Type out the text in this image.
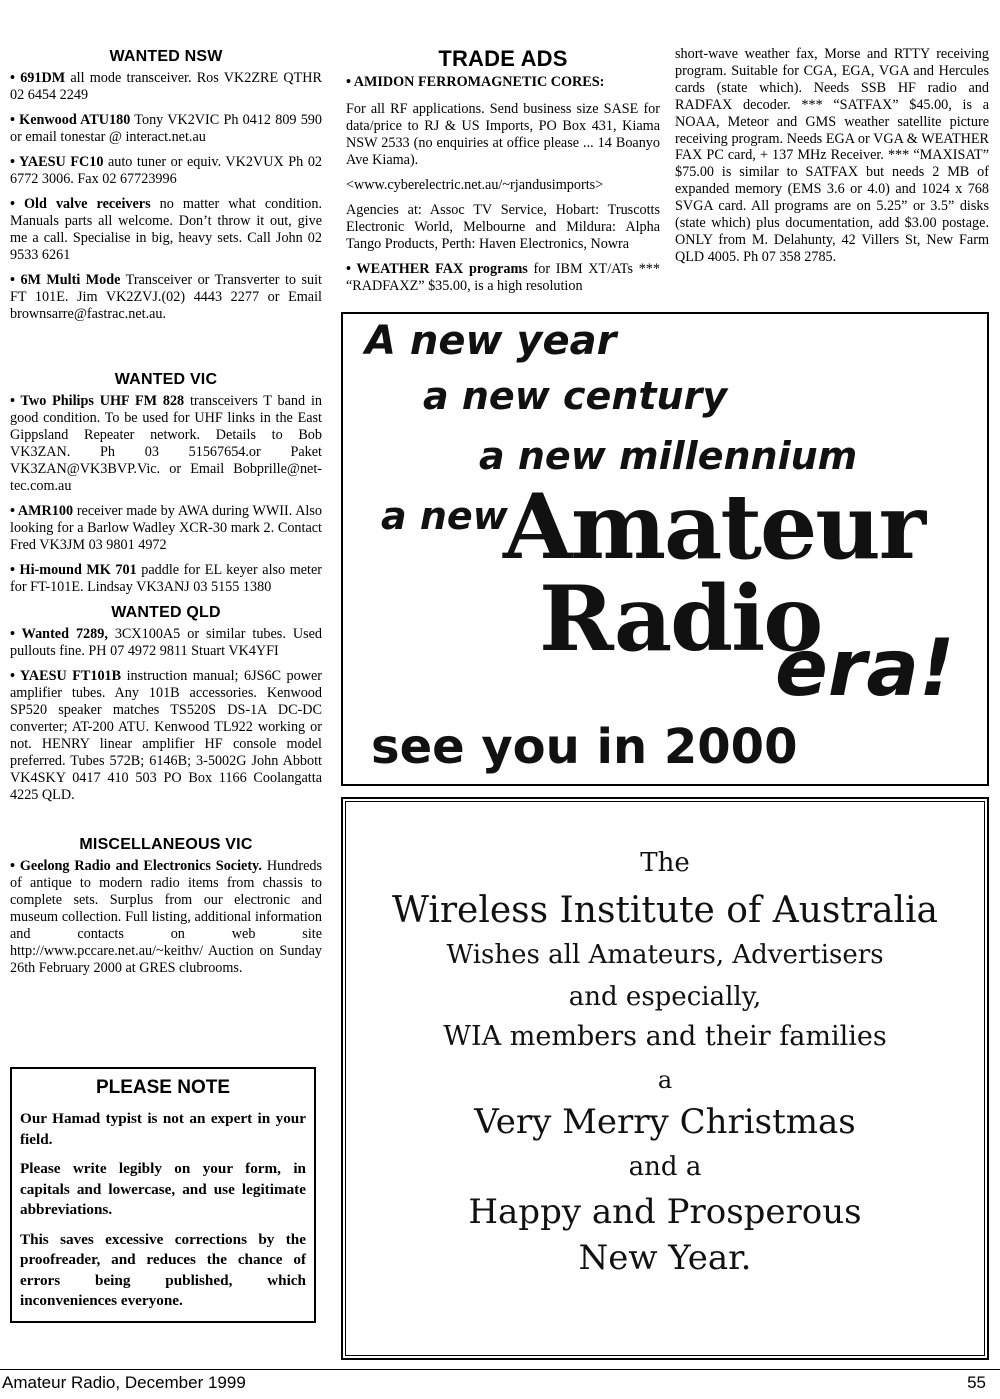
WANTED NSW

• 691DM all mode transceiver. Ros VK2ZRE QTHR 02 6454 2249

• Kenwood ATU180 Tony VK2VIC Ph 0412 809 590 or email tonestar @ interact.net.au

• YAESU FC10 auto tuner or equiv. VK2VUX Ph 02 6772 3006. Fax 02 67723996

• Old valve receivers no matter what condition. Manuals parts all welcome. Don’t throw it out, give me a call. Specialise in big, heavy sets. Call John 02 9533 6261

• 6M Multi Mode Transceiver or Transverter to suit FT 101E. Jim VK2ZVJ.(02) 4443 2277 or Email brownsarre@fastrac.net.au.

WANTED VIC

• Two Philips UHF FM 828 transceivers T band in good condition. To be used for UHF links in the East Gippsland Repeater network. Details to Bob VK3ZAN. Ph 03 51567654.or Paket VK3ZAN@VK3BVP.Vic. or Email Bobprille@net-tec.com.au

• AMR100 receiver made by AWA during WWII. Also looking for a Barlow Wadley XCR-30 mark 2. Contact Fred VK3JM 03 9801 4972

• Hi-mound MK 701 paddle for EL keyer also meter for FT-101E. Lindsay VK3ANJ 03 5155 1380

WANTED QLD

• Wanted 7289, 3CX100A5 or similar tubes. Used pullouts fine. PH 07 4972 9811 Stuart VK4YFI

• YAESU FT101B instruction manual; 6JS6C power amplifier tubes. Any 101B accessories. Kenwood SP520 speaker matches TS520S DS-1A DC-DC converter; AT-200 ATU. Kenwood TL922 working or not. HENRY linear amplifier HF console model preferred. Tubes 572B; 6146B; 3-5002G John Abbott VK4SKY 0417 410 503 PO Box 1166 Coolangatta 4225 QLD.

MISCELLANEOUS VIC

• Geelong Radio and Electronics Society. Hundreds of antique to modern radio items from chassis to complete sets. Surplus from our electronic and museum collection. Full listing, additional information and contacts on web site http://www.pccare.net.au/~keithv/ Auction on Sunday 26th February 2000 at GRES clubrooms.

PLEASE NOTE

Our Hamad typist is not an expert in your field.

Please write legibly on your form, in capitals and lowercase, and use legitimate abbreviations.

This saves excessive corrections by the proofreader, and reduces the chance of errors being published, which inconveniences everyone.

TRADE ADS
• AMIDON FERROMAGNETIC CORES:

For all RF applications. Send business size SASE for data/price to RJ & US Imports, PO Box 431, Kiama NSW 2533 (no enquiries at office please ... 14 Boanyo Ave Kiama).

<www.cyberelectric.net.au/~rjandusimports>

Agencies at: Assoc TV Service, Hobart: Truscotts Electronic World, Melbourne and Mildura: Alpha Tango Products, Perth: Haven Electronics, Nowra

• WEATHER FAX programs for IBM XT/ATs *** “RADFAXZ” $35.00, is a high resolution

short-wave weather fax, Morse and RTTY receiving program. Suitable for CGA, EGA, VGA and Hercules cards (state which). Needs SSB HF radio and RADFAX decoder. *** “SATFAX” $45.00, is a NOAA, Meteor and GMS weather satellite picture receiving program. Needs EGA or VGA & WEATHER FAX PC card, + 137 MHz Receiver. *** “MAXISAT” $75.00 is similar to SATFAX but needs 2 MB of expanded memory (EMS 3.6 or 4.0) and 1024 x 768 SVGA card. All programs are on 5.25” or 3.5” disks (state which) plus documentation, add $3.00 postage. ONLY from M. Delahunty, 42 Villers St, New Farm QLD 4005. Ph 07 358 2785.

A new year
a new century
a new millennium
a new
Amateur
Radio
era!
see you in 2000
The
Wireless Institute of Australia
Wishes all Amateurs, Advertisers
and especially,
WIA members and their families
a
Very Merry Christmas
and a
Happy and Prosperous
New Year.
Amateur Radio, December 1999	55
